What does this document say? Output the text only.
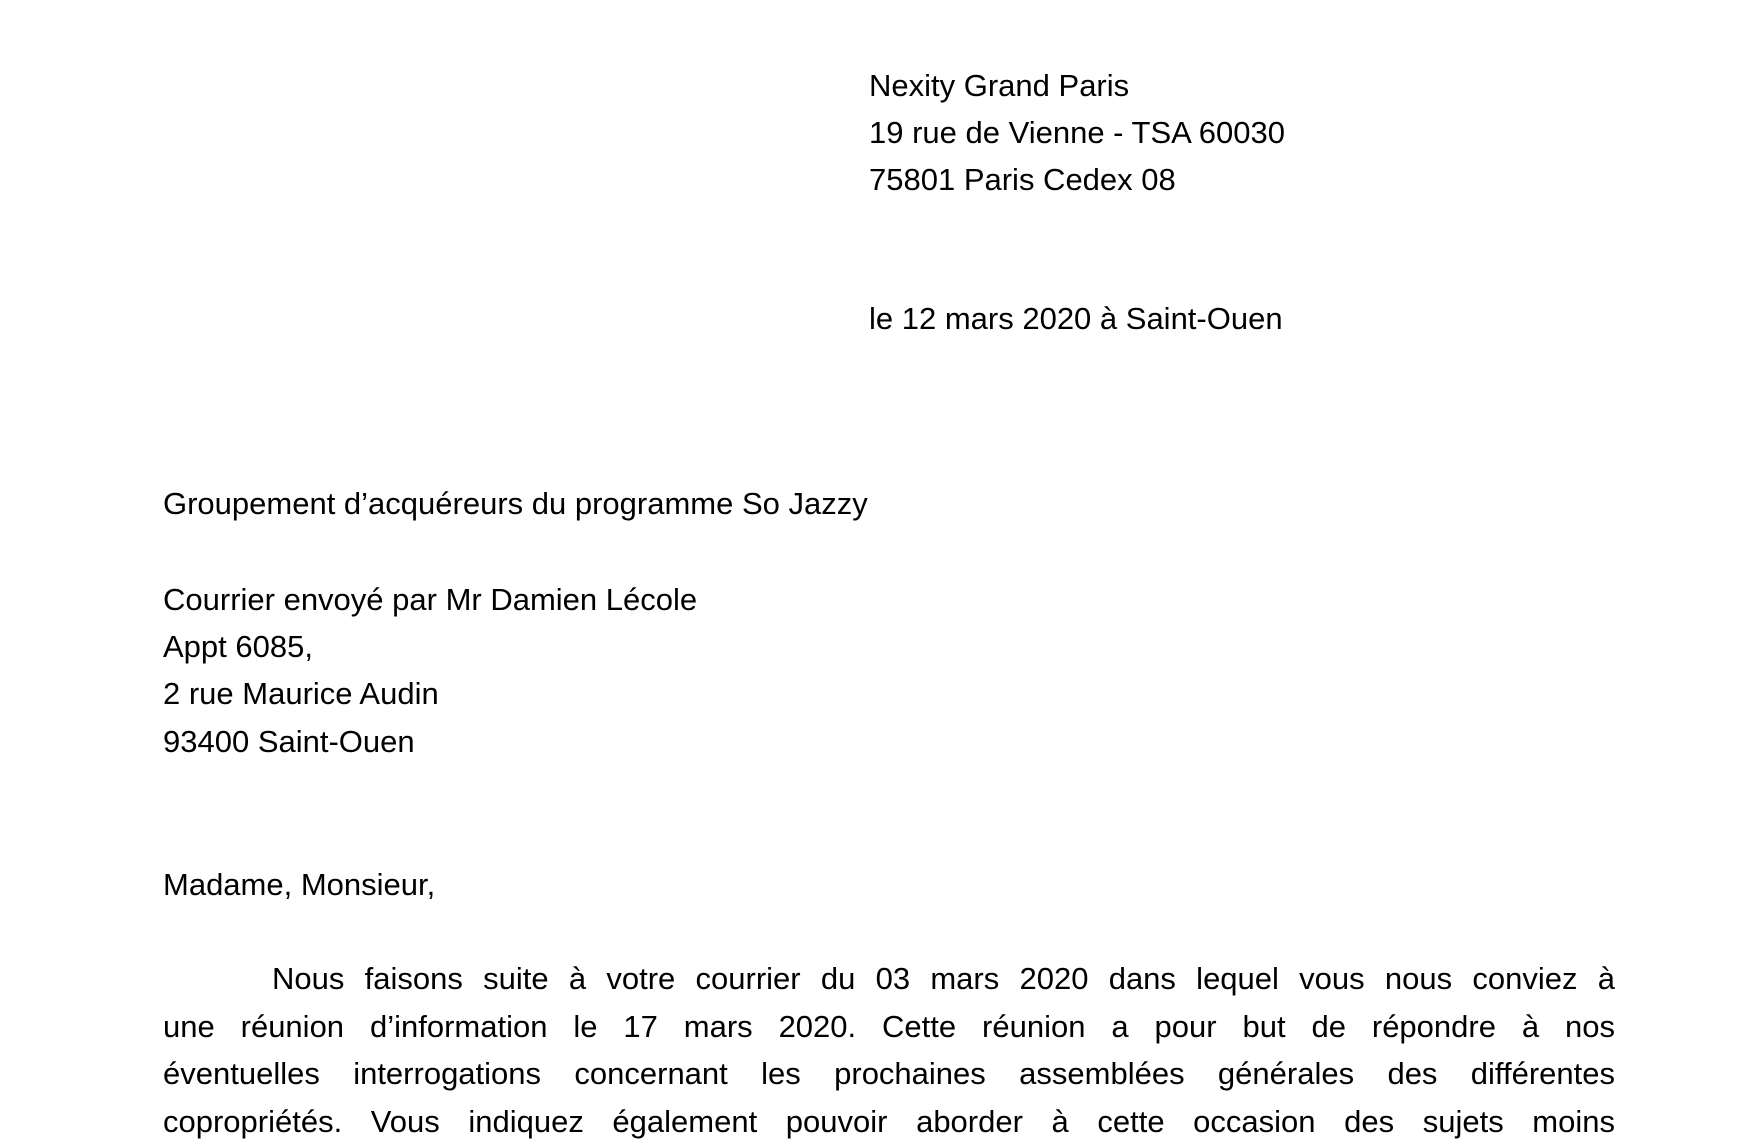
Nexity Grand Paris
19 rue de Vienne - TSA 60030
75801 Paris Cedex 08
le 12 mars 2020 à Saint-Ouen
Groupement d’acquéreurs du programme So Jazzy
Courrier envoyé par Mr Damien Lécole
Appt 6085,
2 rue Maurice Audin
93400 Saint-Ouen
Madame, Monsieur,
Nous faisons suite à votre courrier du 03 mars 2020 dans lequel vous nous conviez à
une réunion d’information le 17 mars 2020. Cette réunion a pour but de répondre à nos
éventuelles interrogations concernant les prochaines assemblées générales des différentes
copropriétés. Vous indiquez également pouvoir aborder à cette occasion des sujets moins
